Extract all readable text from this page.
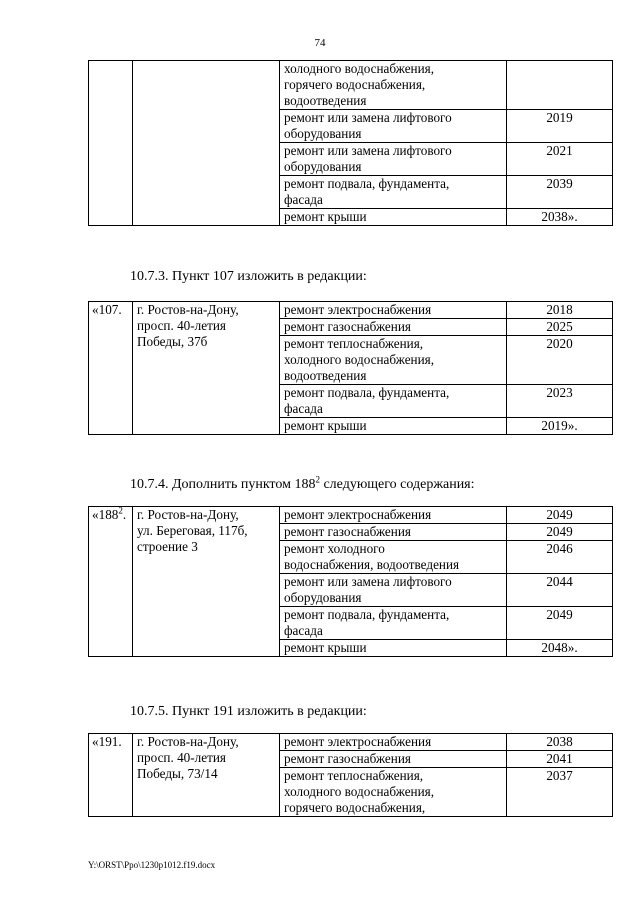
74
		холодного водоснабжения,
горячего водоснабжения,
водоотведения	
		ремонт или замена лифтового
оборудования	2019
		ремонт или замена лифтового
оборудования	2021
		ремонт подвала, фундамента,
фасада	2039
		ремонт крыши	2038».
10.7.3. Пункт 107 изложить в редакции:
«107.	г. Ростов-на-Дону,
просп. 40-летия
Победы, 37б	ремонт электроснабжения	2018
		ремонт газоснабжения	2025
		ремонт теплоснабжения,
холодного водоснабжения,
водоотведения	2020
		ремонт подвала, фундамента,
фасада	2023
		ремонт крыши	2019».
10.7.4. Дополнить пунктом $188^2$ следующего содержания:
«$188^2$.	г. Ростов-на-Дону,
ул. Береговая, 117б,
строение 3	ремонт электроснабжения	2049
		ремонт газоснабжения	2049
		ремонт холодного
водоснабжения, водоотведения	2046
		ремонт или замена лифтового
оборудования	2044
		ремонт подвала, фундамента,
фасада	2049
		ремонт крыши	2048».
10.7.5. Пункт 191 изложить в редакции:
«191.	г. Ростов-на-Дону,
просп. 40-летия
Победы, 73/14	ремонт электроснабжения	2038
		ремонт газоснабжения	2041
		ремонт теплоснабжения,
холодного водоснабжения,
горячего водоснабжения,	2037
Y:\ORST\Ppo\1230p1012.f19.docx
